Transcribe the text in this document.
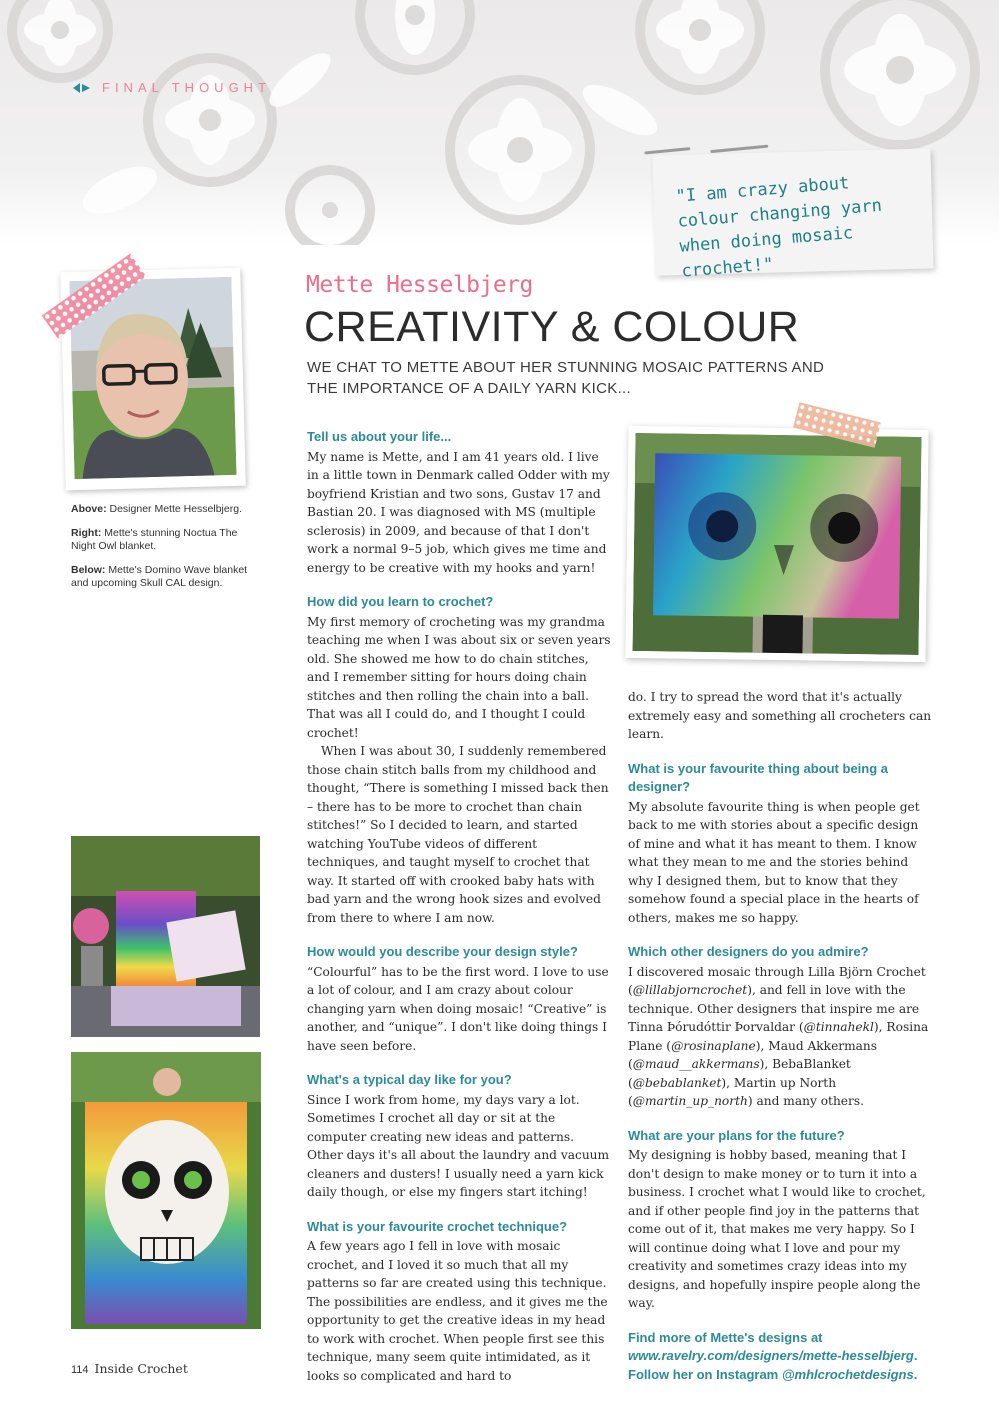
FINAL THOUGHT
"I am crazy about colour changing yarn when doing mosaic crochet!"

Above: Designer Mette Hesselbjerg.

Right: Mette's stunning Noctua The Night Owl blanket.

Below: Mette's Domino Wave blanket and upcoming Skull CAL design.

Mette Hesselbjerg
CREATIVITY & COLOUR
WE CHAT TO METTE ABOUT HER STUNNING MOSAIC PATTERNS AND THE IMPORTANCE OF A DAILY YARN KICK...
Tell us about your life...

My name is Mette, and I am 41 years old. I live in a little town in Denmark called Odder with my boyfriend Kristian and two sons, Gustav 17 and Bastian 20. I was diagnosed with MS (multiple sclerosis) in 2009, and because of that I don't work a normal 9–5 job, which gives me time and energy to be creative with my hooks and yarn!

How did you learn to crochet?

My first memory of crocheting was my grandma teaching me when I was about six or seven years old. She showed me how to do chain stitches, and I remember sitting for hours doing chain stitches and then rolling the chain into a ball. That was all I could do, and I thought I could crochet!

When I was about 30, I suddenly remembered those chain stitch balls from my childhood and thought, “There is something I missed back then – there has to be more to crochet than chain stitches!” So I decided to learn, and started watching YouTube videos of different techniques, and taught myself to crochet that way. It started off with crooked baby hats with bad yarn and the wrong hook sizes and evolved from there to where I am now.

How would you describe your design style?

“Colourful” has to be the first word. I love to use a lot of colour, and I am crazy about colour changing yarn when doing mosaic! “Creative” is another, and “unique”. I don't like doing things I have seen before.

What's a typical day like for you?

Since I work from home, my days vary a lot. Sometimes I crochet all day or sit at the computer creating new ideas and patterns. Other days it's all about the laundry and vacuum cleaners and dusters! I usually need a yarn kick daily though, or else my fingers start itching!

What is your favourite crochet technique?

A few years ago I fell in love with mosaic crochet, and I loved it so much that all my patterns so far are created using this technique. The possibilities are endless, and it gives me the opportunity to get the creative ideas in my head to work with crochet. When people first see this technique, many seem quite intimidated, as it looks so complicated and hard to

do. I try to spread the word that it's actually extremely easy and something all crocheters can learn.

What is your favourite thing about being a designer?

My absolute favourite thing is when people get back to me with stories about a specific design of mine and what it has meant to them. I know what they mean to me and the stories behind why I designed them, but to know that they somehow found a special place in the hearts of others, makes me so happy.

Which other designers do you admire?

I discovered mosaic through Lilla Björn Crochet (@lillabjorncrochet), and fell in love with the technique. Other designers that inspire me are Tinna Þórudóttir Þorvaldar (@tinnahekl), Rosina Plane (@rosinaplane), Maud Akkermans (@maud__akkermans), BebaBlanket (@bebablanket), Martin up North (@martin_up_north) and many others.

What are your plans for the future?

My designing is hobby based, meaning that I don't design to make money or to turn it into a business. I crochet what I would like to crochet, and if other people find joy in the patterns that come out of it, that makes me very happy. So I will continue doing what I love and pour my creativity and sometimes crazy ideas into my designs, and hopefully inspire people along the way.

Find more of Mette's designs at www.ravelry.com/designers/mette-hesselbjerg. Follow her on Instagram @mhlcrochetdesigns.
114 Inside Crochet
